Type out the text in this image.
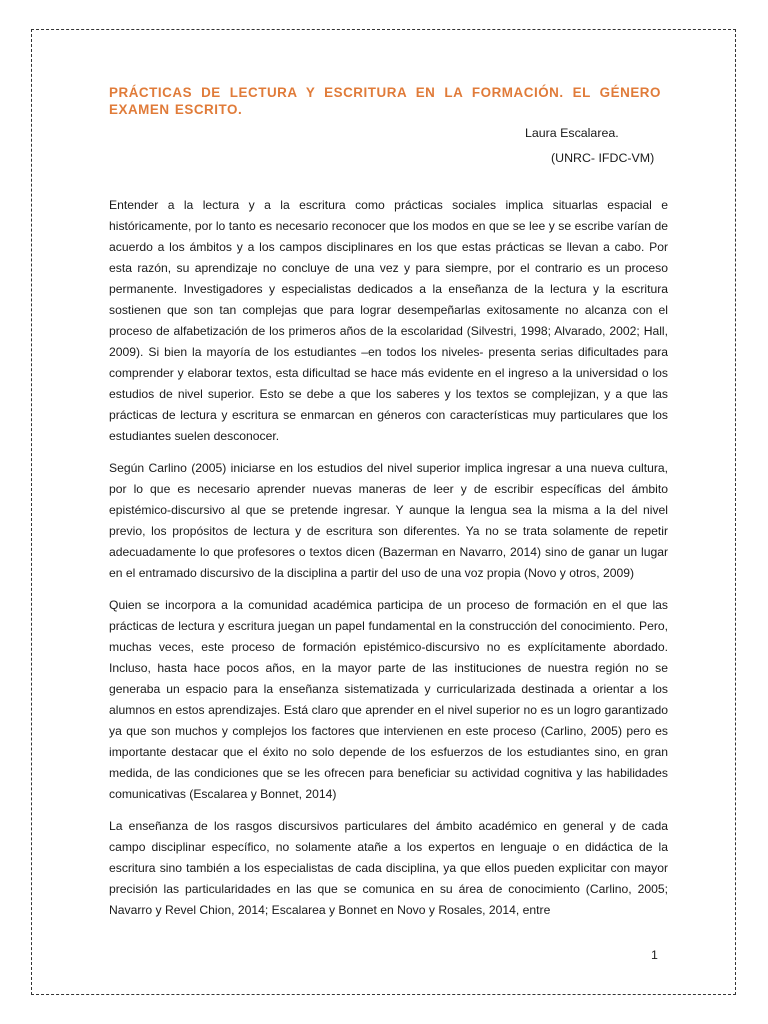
PRÁCTICAS DE LECTURA Y ESCRITURA EN LA FORMACIÓN. EL GÉNERO EXAMEN ESCRITO.

Laura Escalarea.

(UNRC- IFDC-VM)

Entender a la lectura y a la escritura como prácticas sociales implica situarlas espacial e históricamente, por lo tanto es necesario reconocer que los modos en que se lee y se escribe varían de acuerdo a los ámbitos y a los campos disciplinares en los que estas prácticas se llevan a cabo. Por esta razón, su aprendizaje no concluye de una vez y para siempre, por el contrario es un proceso permanente. Investigadores y especialistas dedicados a la enseñanza de la lectura y la escritura sostienen que son tan complejas que para lograr desempeñarlas exitosamente no alcanza con el proceso de alfabetización de los primeros años de la escolaridad (Silvestri, 1998; Alvarado, 2002; Hall, 2009). Si bien la mayoría de los estudiantes –en todos los niveles- presenta serias dificultades para comprender y elaborar textos, esta dificultad se hace más evidente en el ingreso a la universidad o los estudios de nivel superior. Esto se debe a que los saberes y los textos se complejizan, y a que las prácticas de lectura y escritura se enmarcan en géneros con características muy particulares que los estudiantes suelen desconocer.

Según Carlino (2005) iniciarse en los estudios del nivel superior implica ingresar a una nueva cultura, por lo que es necesario aprender nuevas maneras de leer y de escribir específicas del ámbito epistémico-discursivo al que se pretende ingresar. Y aunque la lengua sea la misma a la del nivel previo, los propósitos de lectura y de escritura son diferentes. Ya no se trata solamente de repetir adecuadamente lo que profesores o textos dicen (Bazerman en Navarro, 2014) sino de ganar un lugar en el entramado discursivo de la disciplina a partir del uso de una voz propia (Novo y otros, 2009)

Quien se incorpora a la comunidad académica participa de un proceso de formación en el que las prácticas de lectura y escritura juegan un papel fundamental en la construcción del conocimiento. Pero, muchas veces, este proceso de formación epistémico-discursivo no es explícitamente abordado. Incluso, hasta hace pocos años, en la mayor parte de las instituciones de nuestra región no se generaba un espacio para la enseñanza sistematizada y curricularizada destinada a orientar a los alumnos en estos aprendizajes. Está claro que aprender en el nivel superior no es un logro garantizado ya que son muchos y complejos los factores que intervienen en este proceso (Carlino, 2005) pero es importante destacar que el éxito no solo depende de los esfuerzos de los estudiantes sino, en gran medida, de las condiciones que se les ofrecen para beneficiar su actividad cognitiva y las habilidades comunicativas (Escalarea y Bonnet, 2014)

La enseñanza de los rasgos discursivos particulares del ámbito académico en general y de cada campo disciplinar específico, no solamente atañe a los expertos en lenguaje o en didáctica de la escritura sino también a los especialistas de cada disciplina, ya que ellos pueden explicitar con mayor precisión las particularidades en las que se comunica en su área de conocimiento (Carlino, 2005; Navarro y Revel Chion, 2014; Escalarea y Bonnet en Novo y Rosales, 2014, entre

1
